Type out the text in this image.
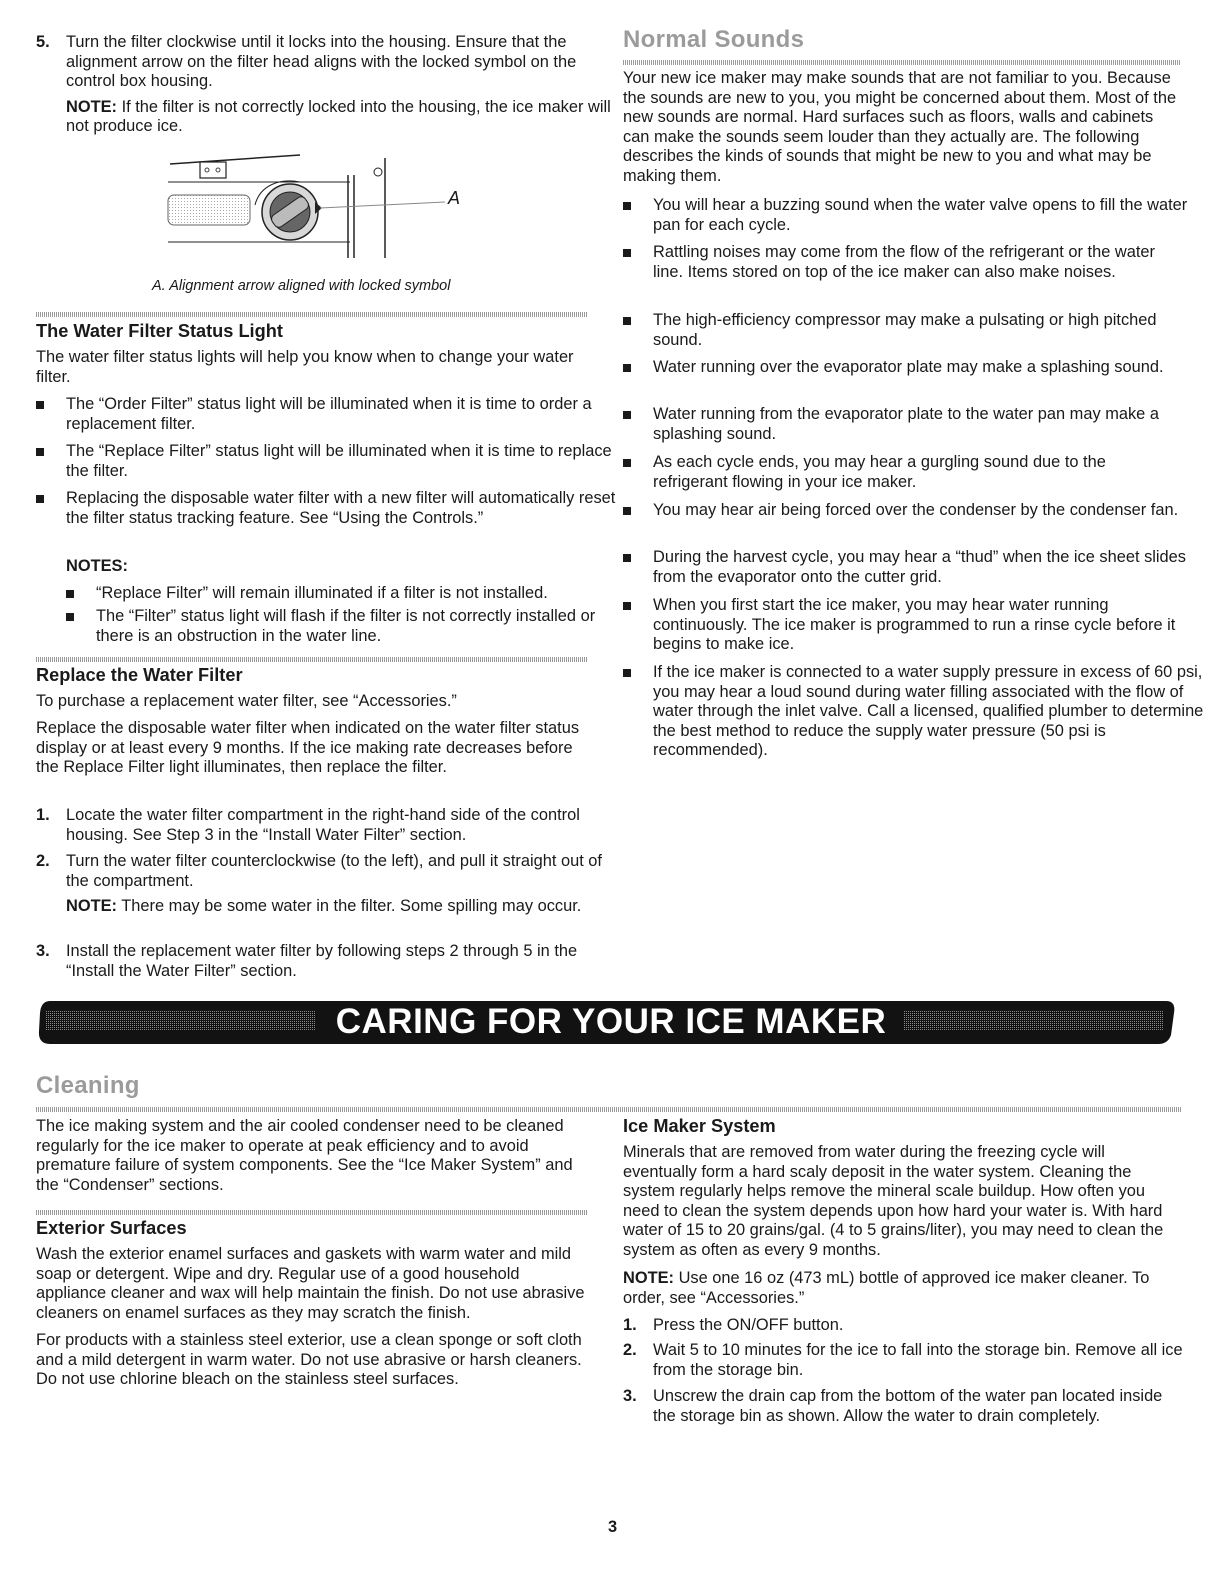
5. Turn the filter clockwise until it locks into the housing. Ensure that the alignment arrow on the filter head aligns with the locked symbol on the control box housing.

NOTE: If the filter is not correctly locked into the housing, the ice maker will not produce ice.

A

A. Alignment arrow aligned with locked symbol

The Water Filter Status Light

The water filter status lights will help you know when to change your water filter.

The “Order Filter” status light will be illuminated when it is time to order a replacement filter.
The “Replace Filter” status light will be illuminated when it is time to replace the filter.
Replacing the disposable water filter with a new filter will automatically reset the filter status tracking feature. See “Using the Controls.”

NOTES:

“Replace Filter” will remain illuminated if a filter is not installed.
The “Filter” status light will flash if the filter is not correctly installed or there is an obstruction in the water line.

Replace the Water Filter

To purchase a replacement water filter, see “Accessories.”

Replace the disposable water filter when indicated on the water filter status display or at least every 9 months. If the ice making rate decreases before the Replace Filter light illuminates, then replace the filter.

1. Locate the water filter compartment in the right-hand side of the control housing. See Step 3 in the “Install Water Filter” section.

2. Turn the water filter counterclockwise (to the left), and pull it straight out of the compartment.

NOTE: There may be some water in the filter. Some spilling may occur.

3. Install the replacement water filter by following steps 2 through 5 in the “Install the Water Filter” section.

Normal Sounds

Your new ice maker may make sounds that are not familiar to you. Because the sounds are new to you, you might be concerned about them. Most of the new sounds are normal. Hard surfaces such as floors, walls and cabinets can make the sounds seem louder than they actually are. The following describes the kinds of sounds that might be new to you and what may be making them.

You will hear a buzzing sound when the water valve opens to fill the water pan for each cycle.
Rattling noises may come from the flow of the refrigerant or the water line. Items stored on top of the ice maker can also make noises.
The high-efficiency compressor may make a pulsating or high pitched sound.
Water running over the evaporator plate may make a splashing sound.
Water running from the evaporator plate to the water pan may make a splashing sound.
As each cycle ends, you may hear a gurgling sound due to the refrigerant flowing in your ice maker.
You may hear air being forced over the condenser by the condenser fan.
During the harvest cycle, you may hear a “thud” when the ice sheet slides from the evaporator onto the cutter grid.
When you first start the ice maker, you may hear water running continuously. The ice maker is programmed to run a rinse cycle before it begins to make ice.
If the ice maker is connected to a water supply pressure in excess of 60 psi, you may hear a loud sound during water filling associated with the flow of water through the inlet valve. Call a licensed, qualified plumber to determine the best method to reduce the supply water pressure (50 psi is recommended).
CARING FOR YOUR ICE MAKER

Cleaning

The ice making system and the air cooled condenser need to be cleaned regularly for the ice maker to operate at peak efficiency and to avoid premature failure of system components. See the “Ice Maker System” and the “Condenser” sections.

Exterior Surfaces

Wash the exterior enamel surfaces and gaskets with warm water and mild soap or detergent. Wipe and dry. Regular use of a good household appliance cleaner and wax will help maintain the finish. Do not use abrasive cleaners on enamel surfaces as they may scratch the finish.

For products with a stainless steel exterior, use a clean sponge or soft cloth and a mild detergent in warm water. Do not use abrasive or harsh cleaners. Do not use chlorine bleach on the stainless steel surfaces.

Ice Maker System

Minerals that are removed from water during the freezing cycle will eventually form a hard scaly deposit in the water system. Cleaning the system regularly helps remove the mineral scale buildup. How often you need to clean the system depends upon how hard your water is. With hard water of 15 to 20 grains/gal. (4 to 5 grains/liter), you may need to clean the system as often as every 9 months.

NOTE: Use one 16 oz (473 mL) bottle of approved ice maker cleaner. To order, see “Accessories.”

1. Press the ON/OFF button.

2. Wait 5 to 10 minutes for the ice to fall into the storage bin. Remove all ice from the storage bin.

3. Unscrew the drain cap from the bottom of the water pan located inside the storage bin as shown. Allow the water to drain completely.

3
